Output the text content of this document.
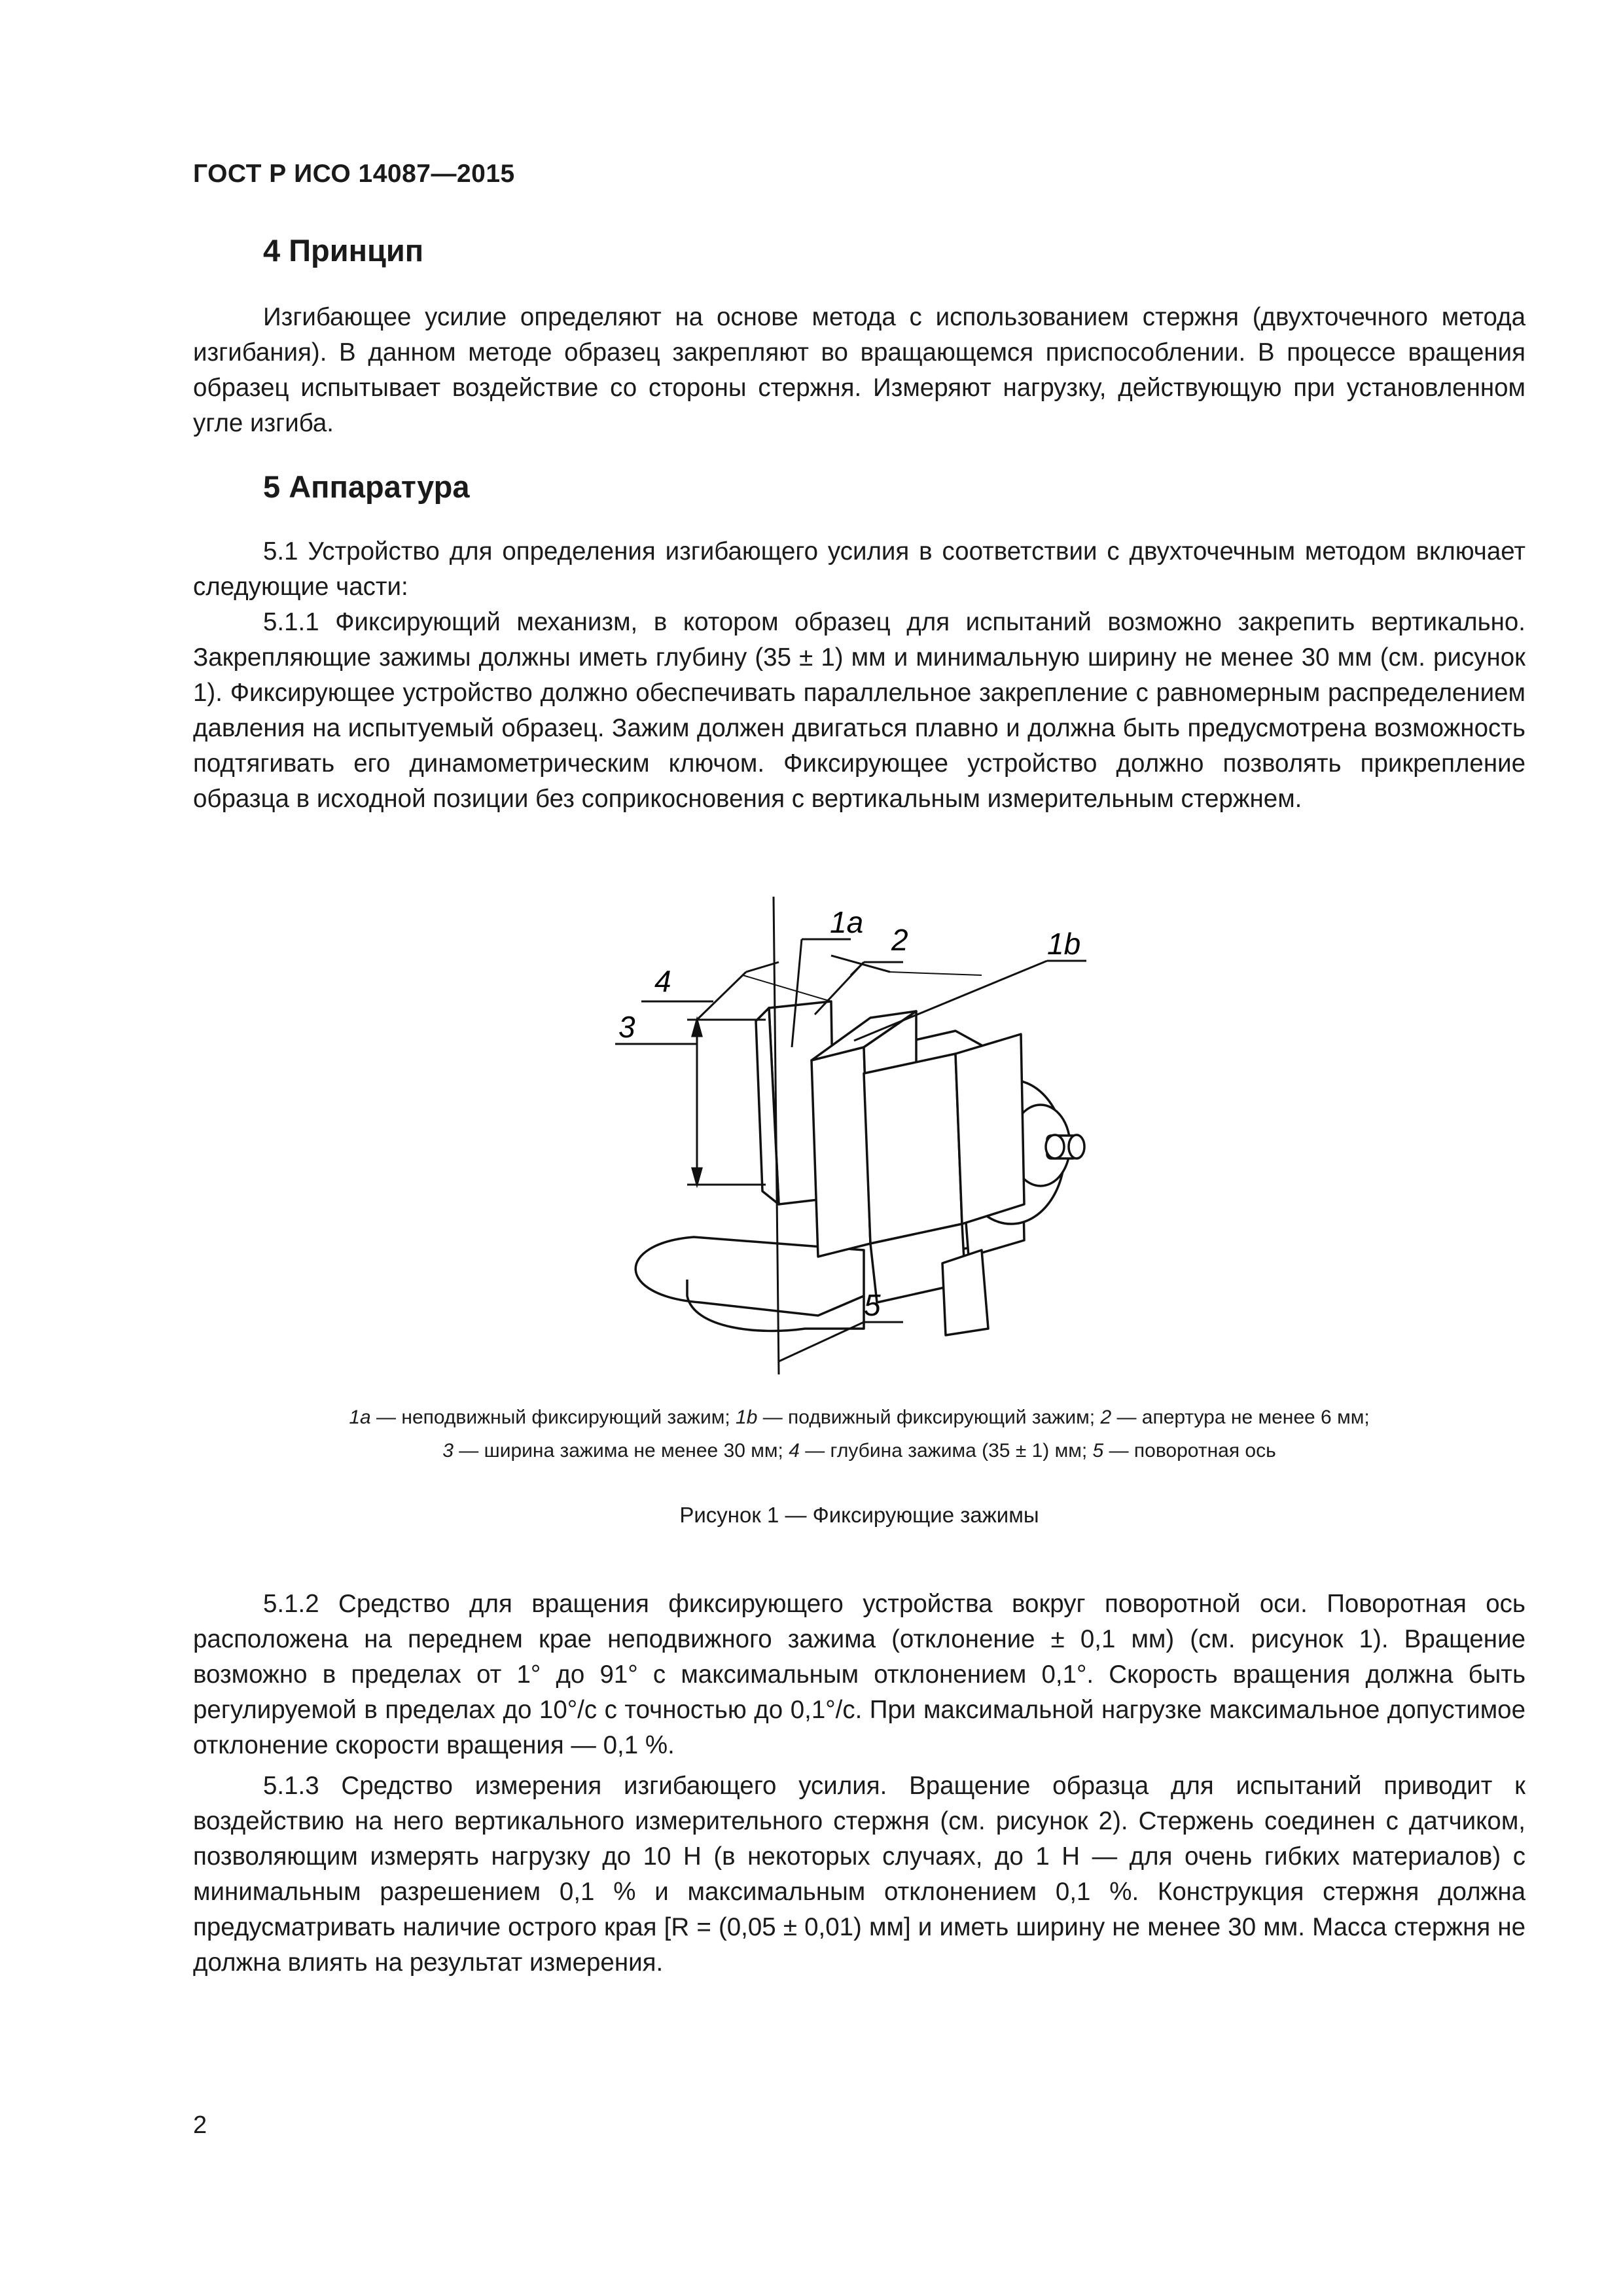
ГОСТ Р ИСО 14087—2015
4 Принцип
Изгибающее усилие определяют на основе метода с использованием стержня (двухточечного метода изгибания). В данном методе образец закрепляют во вращающемся приспособлении. В процессе вращения образец испытывает воздействие со стороны стержня. Измеряют нагрузку, действующую при установленном угле изгиба.
5 Аппаратура

5.1 Устройство для определения изгибающего усилия в соответствии с двухточечным методом включает следующие части:

5.1.1 Фиксирующий механизм, в котором образец для испытаний возможно закрепить вертикально. Закрепляющие зажимы должны иметь глубину (35 ± 1) мм и минимальную ширину не менее 30 мм (см. рисунок 1). Фиксирующее устройство должно обеспечивать параллельное закрепление с равномерным распределением давления на испытуемый образец. Зажим должен двигаться плавно и должна быть предусмотрена возможность подтягивать его динамометрическим ключом. Фиксирующее устройство должно позволять прикрепление образца в исходной позиции без соприкосновения с вертикальным измерительным стержнем.

1a
2	1b
4
3
5
1a — неподвижный фиксирующий зажим; 1b — подвижный фиксирующий зажим; 2 — апертура не менее 6 мм;
3 — ширина зажима не менее 30 мм; 4 — глубина зажима (35 ± 1) мм; 5 — поворотная ось
Рисунок 1 — Фиксирующие зажимы

5.1.2 Средство для вращения фиксирующего устройства вокруг поворотной оси. Поворотная ось расположена на переднем крае неподвижного зажима (отклонение ± 0,1 мм) (см. рисунок 1). Вращение возможно в пределах от 1° до 91° с максимальным отклонением 0,1°. Скорость вращения должна быть регулируемой в пределах до 10°/с с точностью до 0,1°/с. При максимальной нагрузке максимальное допустимое отклонение скорости вращения — 0,1 %.

5.1.3 Средство измерения изгибающего усилия. Вращение образца для испытаний приводит к воздействию на него вертикального измерительного стержня (см. рисунок 2). Стержень соединен с датчиком, позволяющим измерять нагрузку до 10 Н (в некоторых случаях, до 1 Н — для очень гибких материалов) с минимальным разрешением 0,1 % и максимальным отклонением 0,1 %. Конструкция стержня должна предусматривать наличие острого края [R = (0,05 ± 0,01) мм] и иметь ширину не менее 30 мм. Масса стержня не должна влиять на результат измерения.

2
